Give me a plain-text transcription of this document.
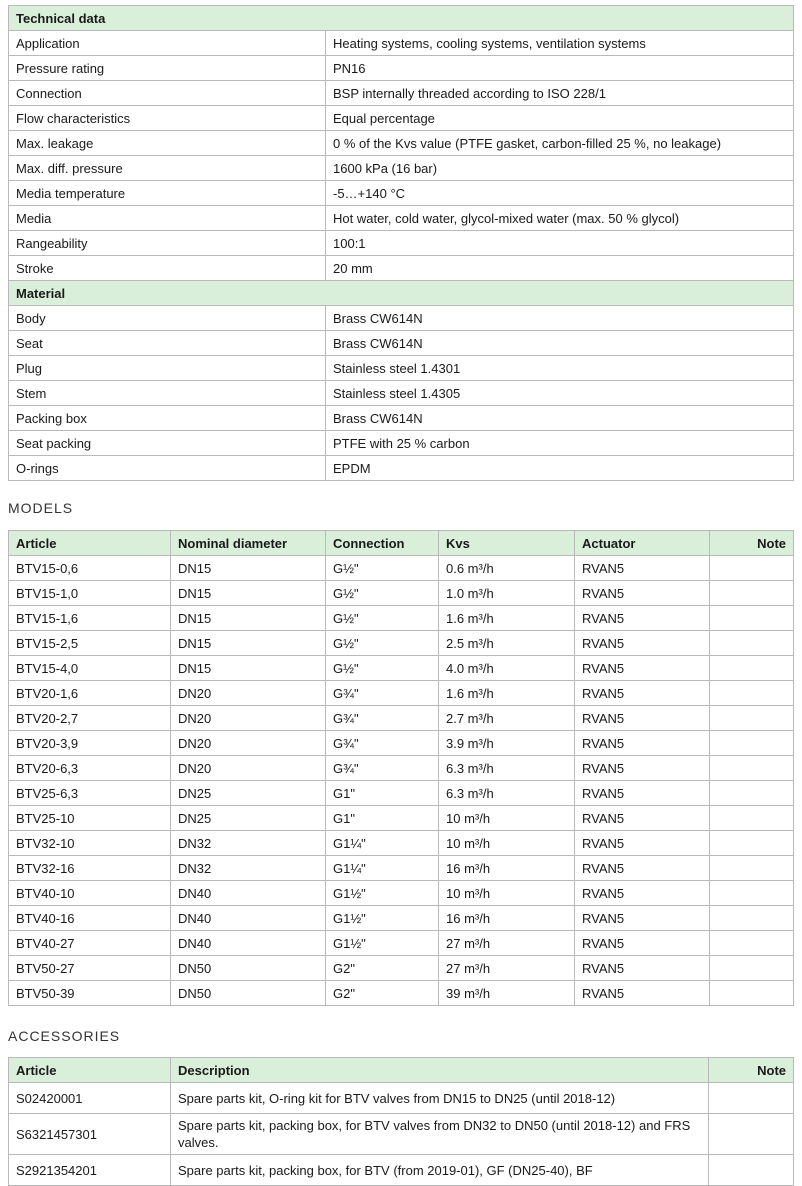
Technical data	
Application	Heating systems, cooling systems, ventilation systems
Pressure rating	PN16
Connection	BSP internally threaded according to ISO 228/1
Flow characteristics	Equal percentage
Max. leakage	0 % of the Kvs value (PTFE gasket, carbon-filled 25 %, no leakage)
Max. diff. pressure	1600 kPa (16 bar)
Media temperature	-5…+140 °C
Media	Hot water, cold water, glycol-mixed water (max. 50 % glycol)
Rangeability	100:1
Stroke	20 mm
Material	
Body	Brass CW614N
Seat	Brass CW614N
Plug	Stainless steel 1.4301
Stem	Stainless steel 1.4305
Packing box	Brass CW614N
Seat packing	PTFE with 25 % carbon
O-rings	EPDM
MODELS
Article	Nominal diameter	Connection	Kvs	Actuator	Note
BTV15-0,6	DN15	G½"	0.6 m³/h	RVAN5	
BTV15-1,0	DN15	G½"	1.0 m³/h	RVAN5	
BTV15-1,6	DN15	G½"	1.6 m³/h	RVAN5	
BTV15-2,5	DN15	G½"	2.5 m³/h	RVAN5	
BTV15-4,0	DN15	G½"	4.0 m³/h	RVAN5	
BTV20-1,6	DN20	G¾"	1.6 m³/h	RVAN5	
BTV20-2,7	DN20	G¾"	2.7 m³/h	RVAN5	
BTV20-3,9	DN20	G¾"	3.9 m³/h	RVAN5	
BTV20-6,3	DN20	G¾"	6.3 m³/h	RVAN5	
BTV25-6,3	DN25	G1"	6.3 m³/h	RVAN5	
BTV25-10	DN25	G1"	10 m³/h	RVAN5	
BTV32-10	DN32	G1¼"	10 m³/h	RVAN5	
BTV32-16	DN32	G1¼"	16 m³/h	RVAN5	
BTV40-10	DN40	G1½"	10 m³/h	RVAN5	
BTV40-16	DN40	G1½"	16 m³/h	RVAN5	
BTV40-27	DN40	G1½"	27 m³/h	RVAN5	
BTV50-27	DN50	G2"	27 m³/h	RVAN5	
BTV50-39	DN50	G2"	39 m³/h	RVAN5	
ACCESSORIES
Article	Description	Note
S02420001	Spare parts kit, O-ring kit for BTV valves from DN15 to DN25 (until 2018-12)	
S6321457301	Spare parts kit, packing box, for BTV valves from DN32 to DN50 (until 2018-12) and FRS valves.	
S2921354201	Spare parts kit, packing box, for BTV (from 2019-01), GF (DN25-40), BF	
